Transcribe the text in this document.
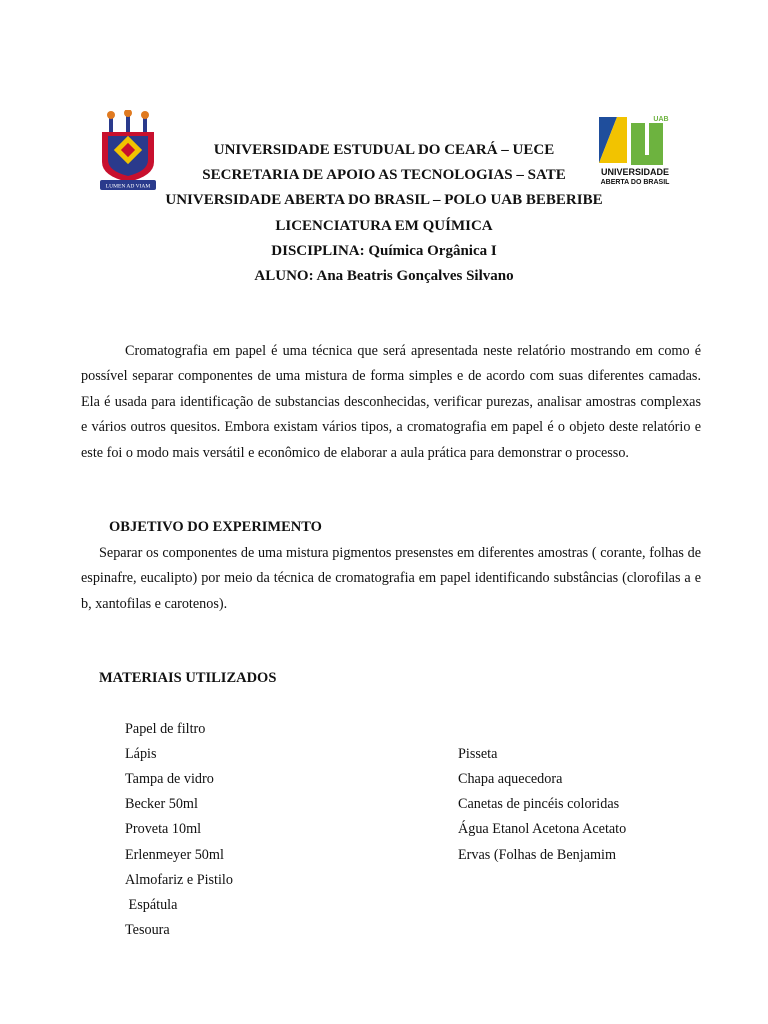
LUMEN AD VIAM
UAB
UNIVERSIDADE
ABERTA DO BRASIL
UNIVERSIDADE ESTUDUAL DO CEARÁ – UECE
SECRETARIA DE APOIO AS TECNOLOGIAS – SATE
UNIVERSIDADE ABERTA DO BRASIL – POLO UAB BEBERIBE
LICENCIATURA EM QUÍMICA
DISCIPLINA: Química Orgânica I
ALUNO: Ana Beatris Gonçalves Silvano

Cromatografia em papel é uma técnica que será apresentada neste relatório mostrando em como é possível separar componentes de uma mistura de forma simples e de acordo com suas diferentes camadas. Ela é usada para identificação de substancias desconhecidas, verificar purezas, analisar amostras complexas e vários outros quesitos. Embora existam vários tipos, a cromatografia em papel é o objeto deste relatório e este foi o modo mais versátil e econômico de elaborar a aula prática para demonstrar o processo.

OBJETIVO DO EXPERIMENTO

Separar os componentes de uma mistura pigmentos presenstes em diferentes amostras ( corante, folhas de espinafre, eucalipto) por meio da técnica de cromatografia em papel identificando substâncias (clorofilas a e b, xantofilas e carotenos).

MATERIAIS UTILIZADOS
Papel de filtro
Lápis
Tampa de vidro
Becker 50ml
Proveta 10ml
Erlenmeyer 50ml
Almofariz e Pistilo
Espátula
Tesoura
Pisseta
Chapa aquecedora
Canetas de pincéis coloridas
Água Etanol Acetona Acetato
Ervas (Folhas de Benjamim
